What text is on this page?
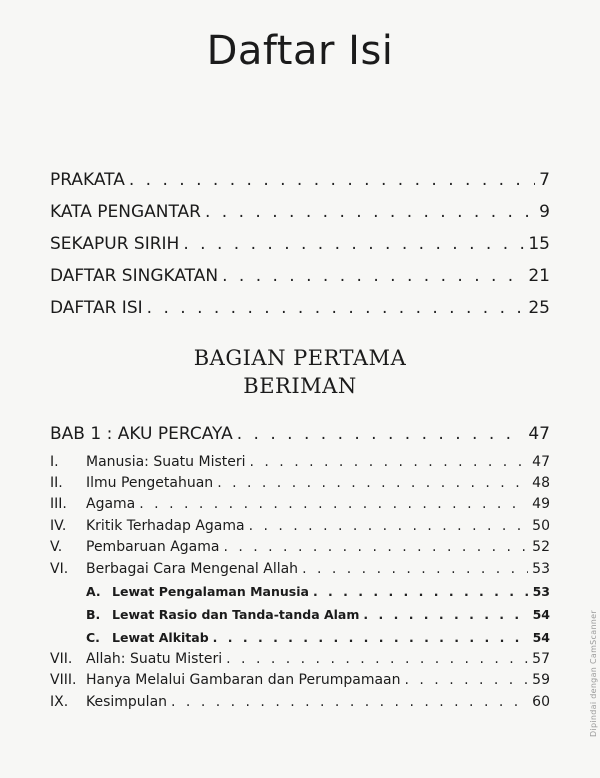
Daftar Isi
PRAKATA . . .	7
KATA PENGANTAR . . .	9
SEKAPUR SIRIH . . .	15
DAFTAR SINGKATAN . . .	21
DAFTAR ISI . . .	25
BAGIAN PERTAMA
BERIMAN
BAB 1 : AKU PERCAYA . . .	47
I.	Manusia: Suatu Misteri . . .	47
II.	Ilmu Pengetahuan . . .	48
III.	Agama . . .	49
IV.	Kritik Terhadap Agama . . .	50
V.	Pembaruan Agama . . .	52
VI.	Berbagai Cara Mengenal Allah . . .	53
A. Lewat Pengalaman Manusia . . .	53
B. Lewat Rasio dan Tanda-tanda Alam . . .	54
C. Lewat Alkitab . . .	54
VII. Allah: Suatu Misteri . . .	57
VIII. Hanya Melalui Gambaran dan Perumpamaan . . .	59
IX.	Kesimpulan . . .	60	Dipindai dengan CamScanner
